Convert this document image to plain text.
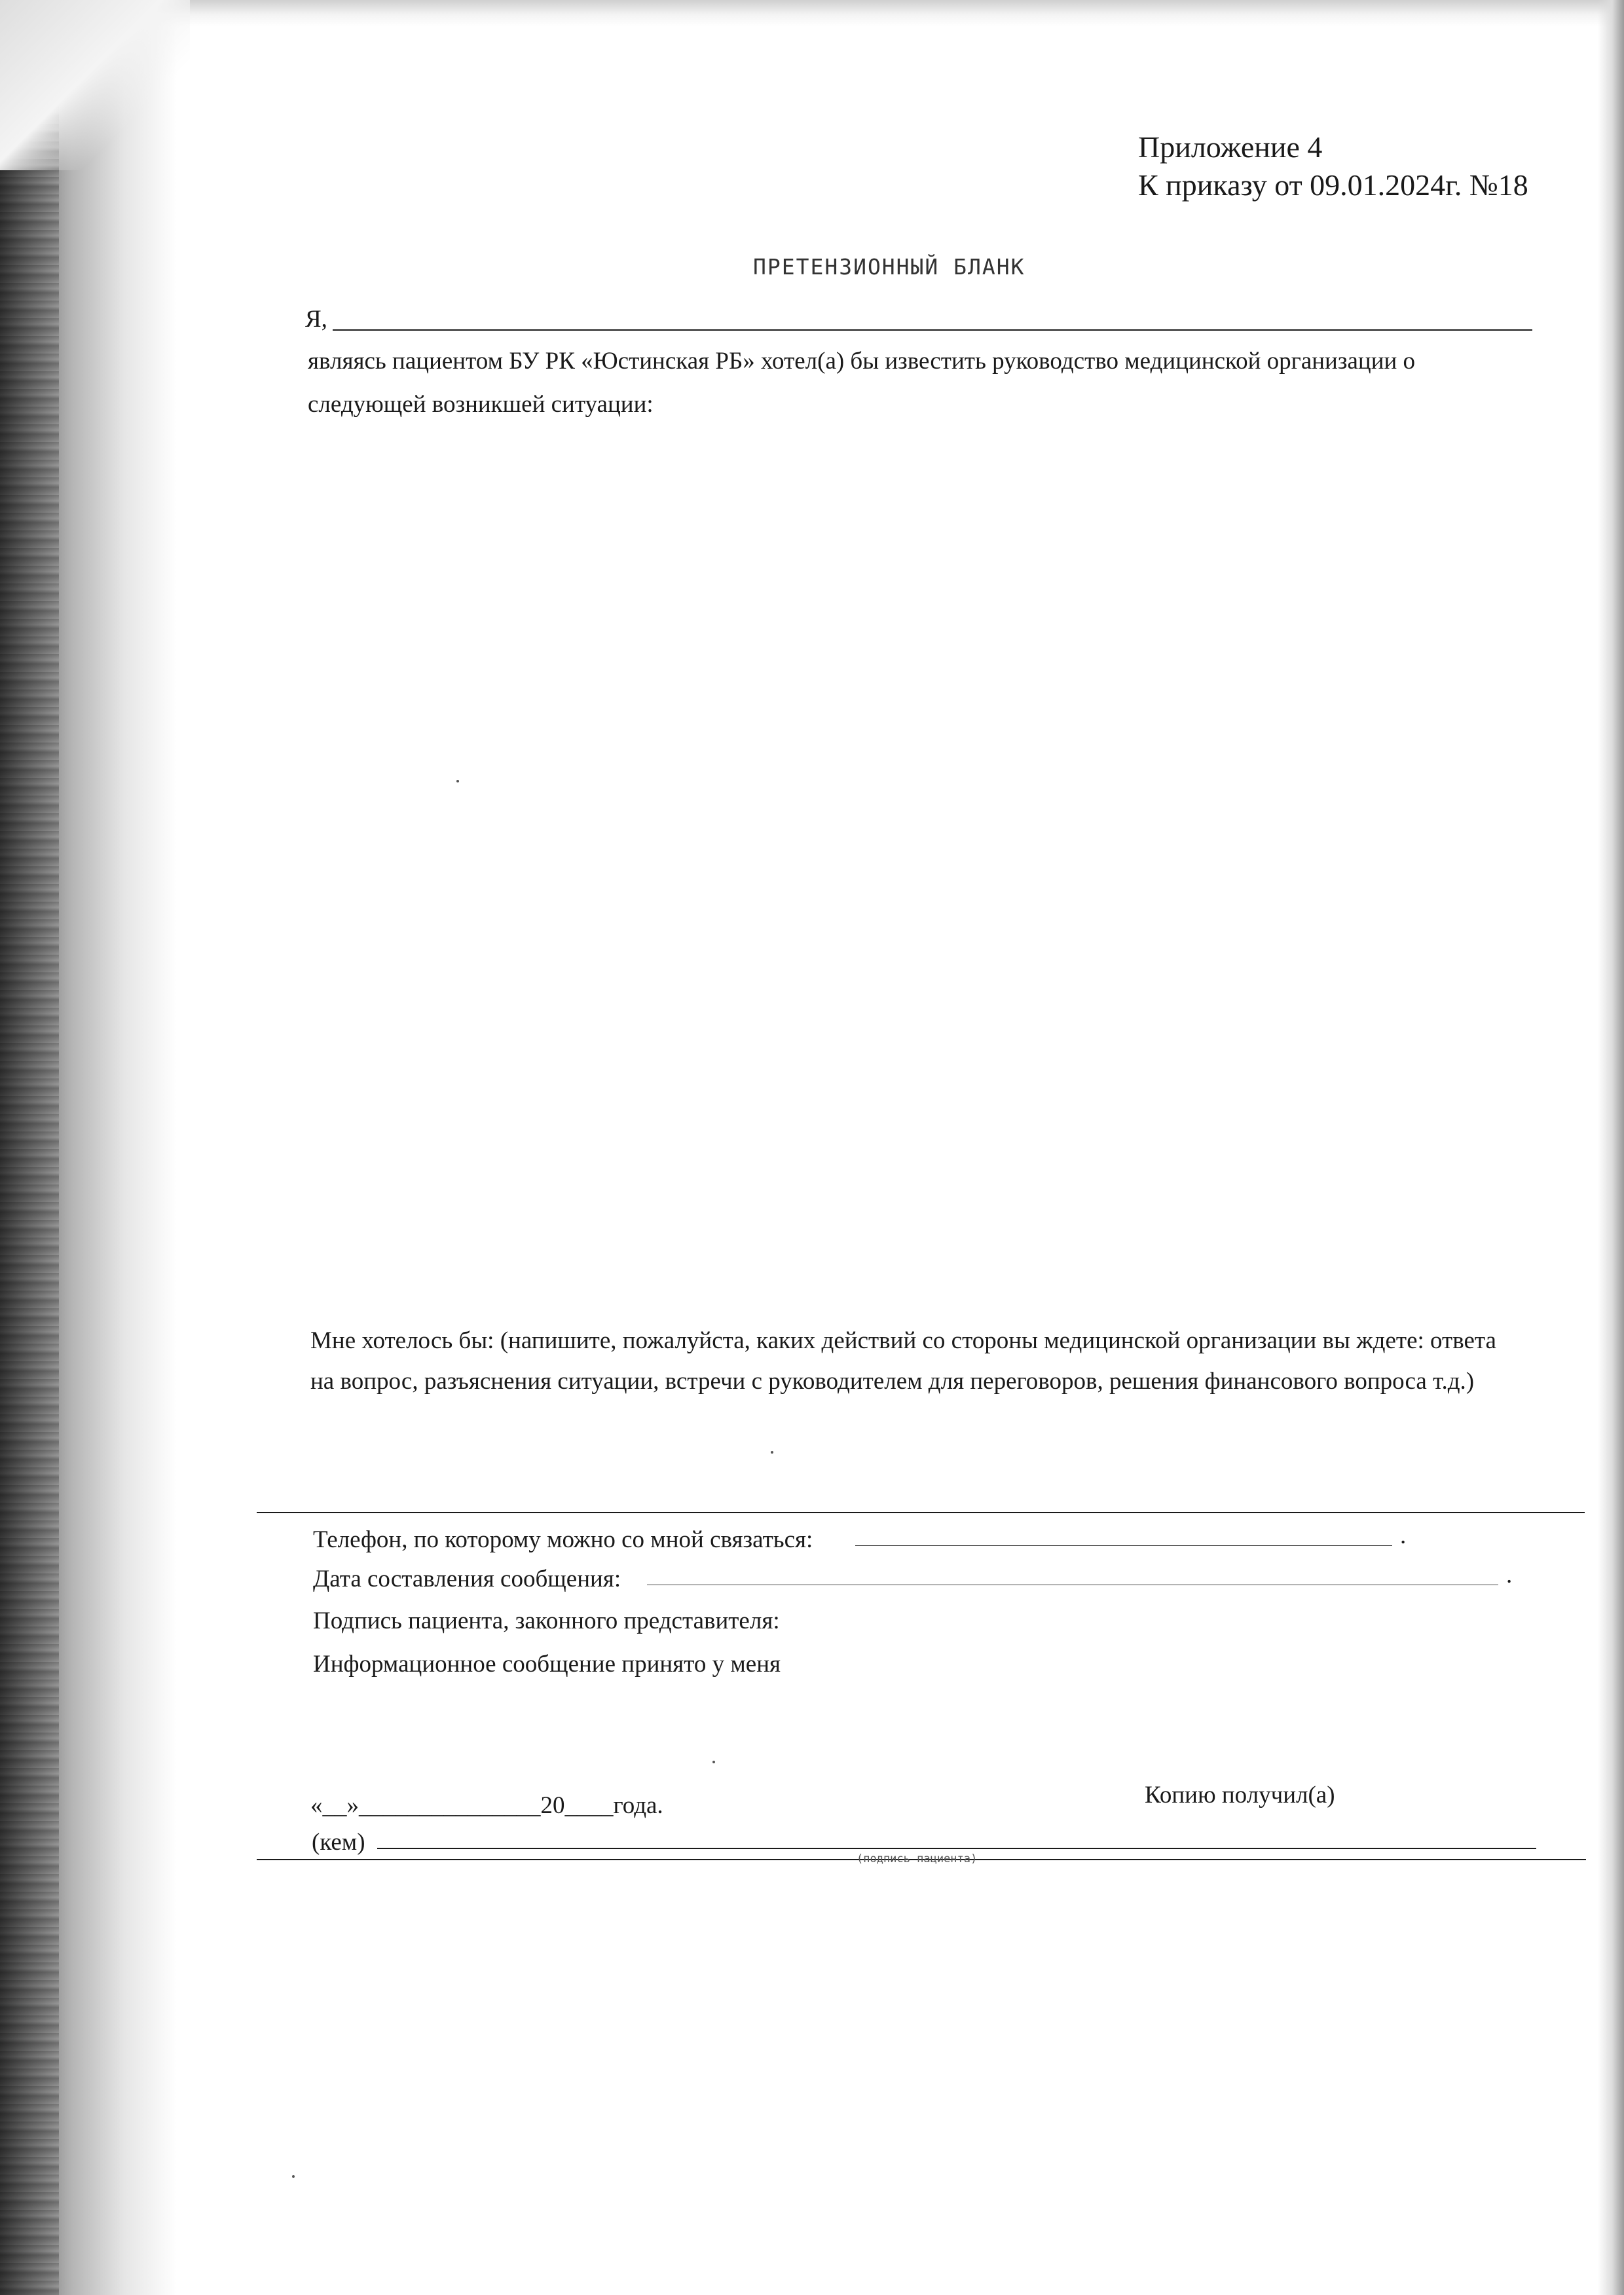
Приложение 4
К приказу от 09.01.2024г. №18
ПРЕТЕНЗИОННЫЙ БЛАНК
Я,
являясь пациентом БУ РК «Юстинская РБ» хотел(а) бы известить руководство медицинской организации о
следующей возникшей ситуации:
Мне хотелось бы: (напишите, пожалуйста, каких действий со стороны медицинской организации вы ждете: ответа
на вопрос, разъяснения ситуации, встречи с руководителем для переговоров, решения финансового вопроса т.д.)
Телефон, по которому можно со мной связаться:	.
Дата составления сообщения:	.
Подпись пациента, законного представителя:
Информационное сообщение принято у меня
«__»_______________20____года.	Копию получил(а)
(кем)
(подпись пациента)
